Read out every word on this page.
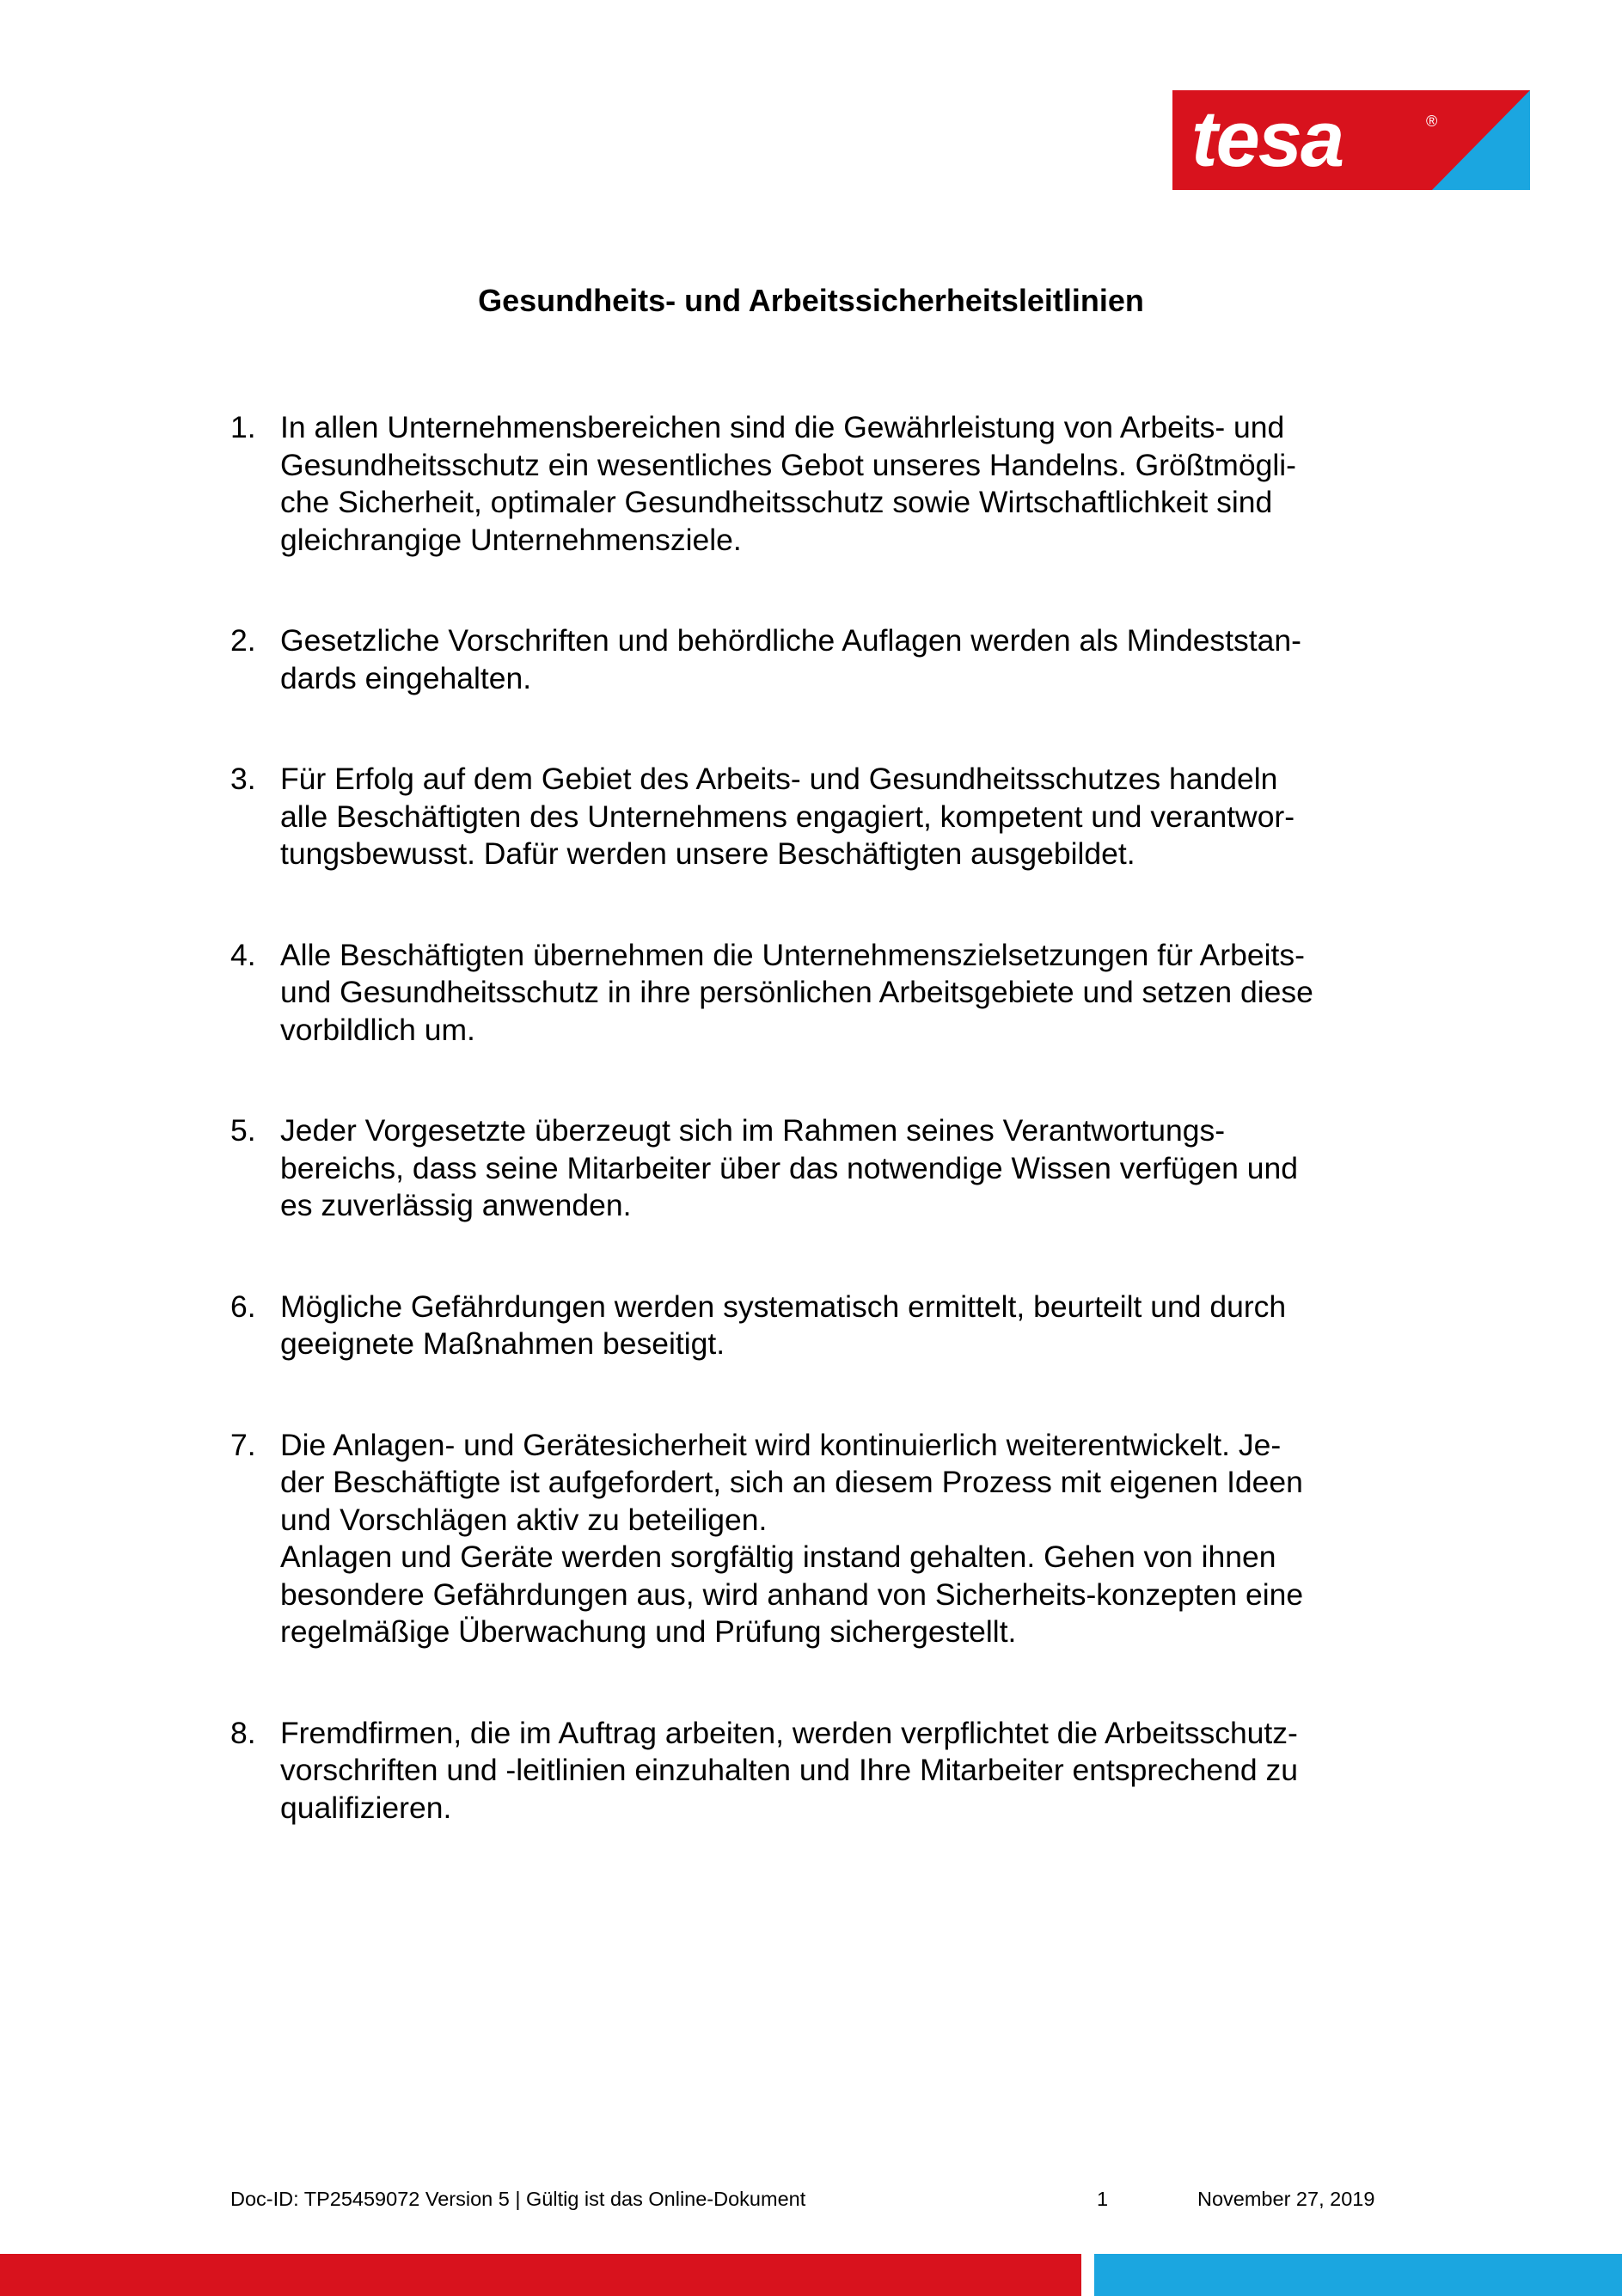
tesa	®
Gesundheits- und Arbeitssicherheitsleitlinien
1. In allen Unternehmensbereichen sind die Gewährleistung von Arbeits- und
Gesundheitsschutz ein wesentliches Gebot unseres Handelns. Größtmögli-
che Sicherheit, optimaler Gesundheitsschutz sowie Wirtschaftlichkeit sind
gleichrangige Unternehmensziele.
2. Gesetzliche Vorschriften und behördliche Auflagen werden als Mindeststan-
dards eingehalten.
3. Für Erfolg auf dem Gebiet des Arbeits- und Gesundheitsschutzes handeln
alle Beschäftigten des Unternehmens engagiert, kompetent und verantwor-
tungsbewusst. Dafür werden unsere Beschäftigten ausgebildet.
4. Alle Beschäftigten übernehmen die Unternehmenszielsetzungen für Arbeits-
und Gesundheitsschutz in ihre persönlichen Arbeitsgebiete und setzen diese
vorbildlich um.
5. Jeder Vorgesetzte überzeugt sich im Rahmen seines Verantwortungs-
bereichs, dass seine Mitarbeiter über das notwendige Wissen verfügen und
es zuverlässig anwenden.
6. Mögliche Gefährdungen werden systematisch ermittelt, beurteilt und durch
geeignete Maßnahmen beseitigt.
7. Die Anlagen- und Gerätesicherheit wird kontinuierlich weiterentwickelt. Je-
der Beschäftigte ist aufgefordert, sich an diesem Prozess mit eigenen Ideen
und Vorschlägen aktiv zu beteiligen.
Anlagen und Geräte werden sorgfältig instand gehalten. Gehen von ihnen
besondere Gefährdungen aus, wird anhand von Sicherheits-konzepten eine
regelmäßige Überwachung und Prüfung sichergestellt.
8. Fremdfirmen, die im Auftrag arbeiten, werden verpflichtet die Arbeitsschutz-
vorschriften und -leitlinien einzuhalten und Ihre Mitarbeiter entsprechend zu
qualifizieren.
Doc-ID: TP25459072 Version 5 | Gültig ist das Online-Dokument	1	November 27, 2019
